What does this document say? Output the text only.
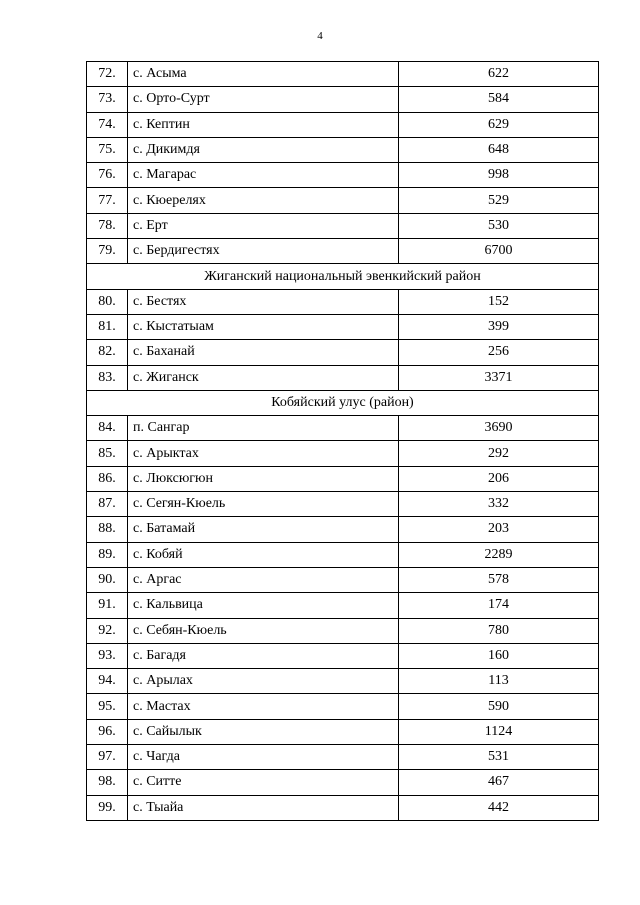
4
72.	с. Асыма	622
73.	с. Орто-Сурт	584
74.	с. Кептин	629
75.	с. Дикимдя	648
76.	с. Магарас	998
77.	с. Кюерелях	529
78.	с. Ерт	530
79.	с. Бердигестях	6700
Жиганский национальный эвенкийский район		
80.	с. Бестях	152
81.	с. Кыстатыам	399
82.	с. Баханай	256
83.	с. Жиганск	3371
Кобяйский улус (район)		
84.	п. Сангар	3690
85.	с. Арыктах	292
86.	с. Люксюгюн	206
87.	с. Сегян-Кюель	332
88.	с. Батамай	203
89.	с. Кобяй	2289
90.	с. Аргас	578
91.	с. Кальвица	174
92.	с. Себян-Кюель	780
93.	с. Багадя	160
94.	с. Арылах	113
95.	с. Мастах	590
96.	с. Сайылык	1124
97.	с. Чагда	531
98.	с. Ситте	467
99.	с. Тыайа	442
